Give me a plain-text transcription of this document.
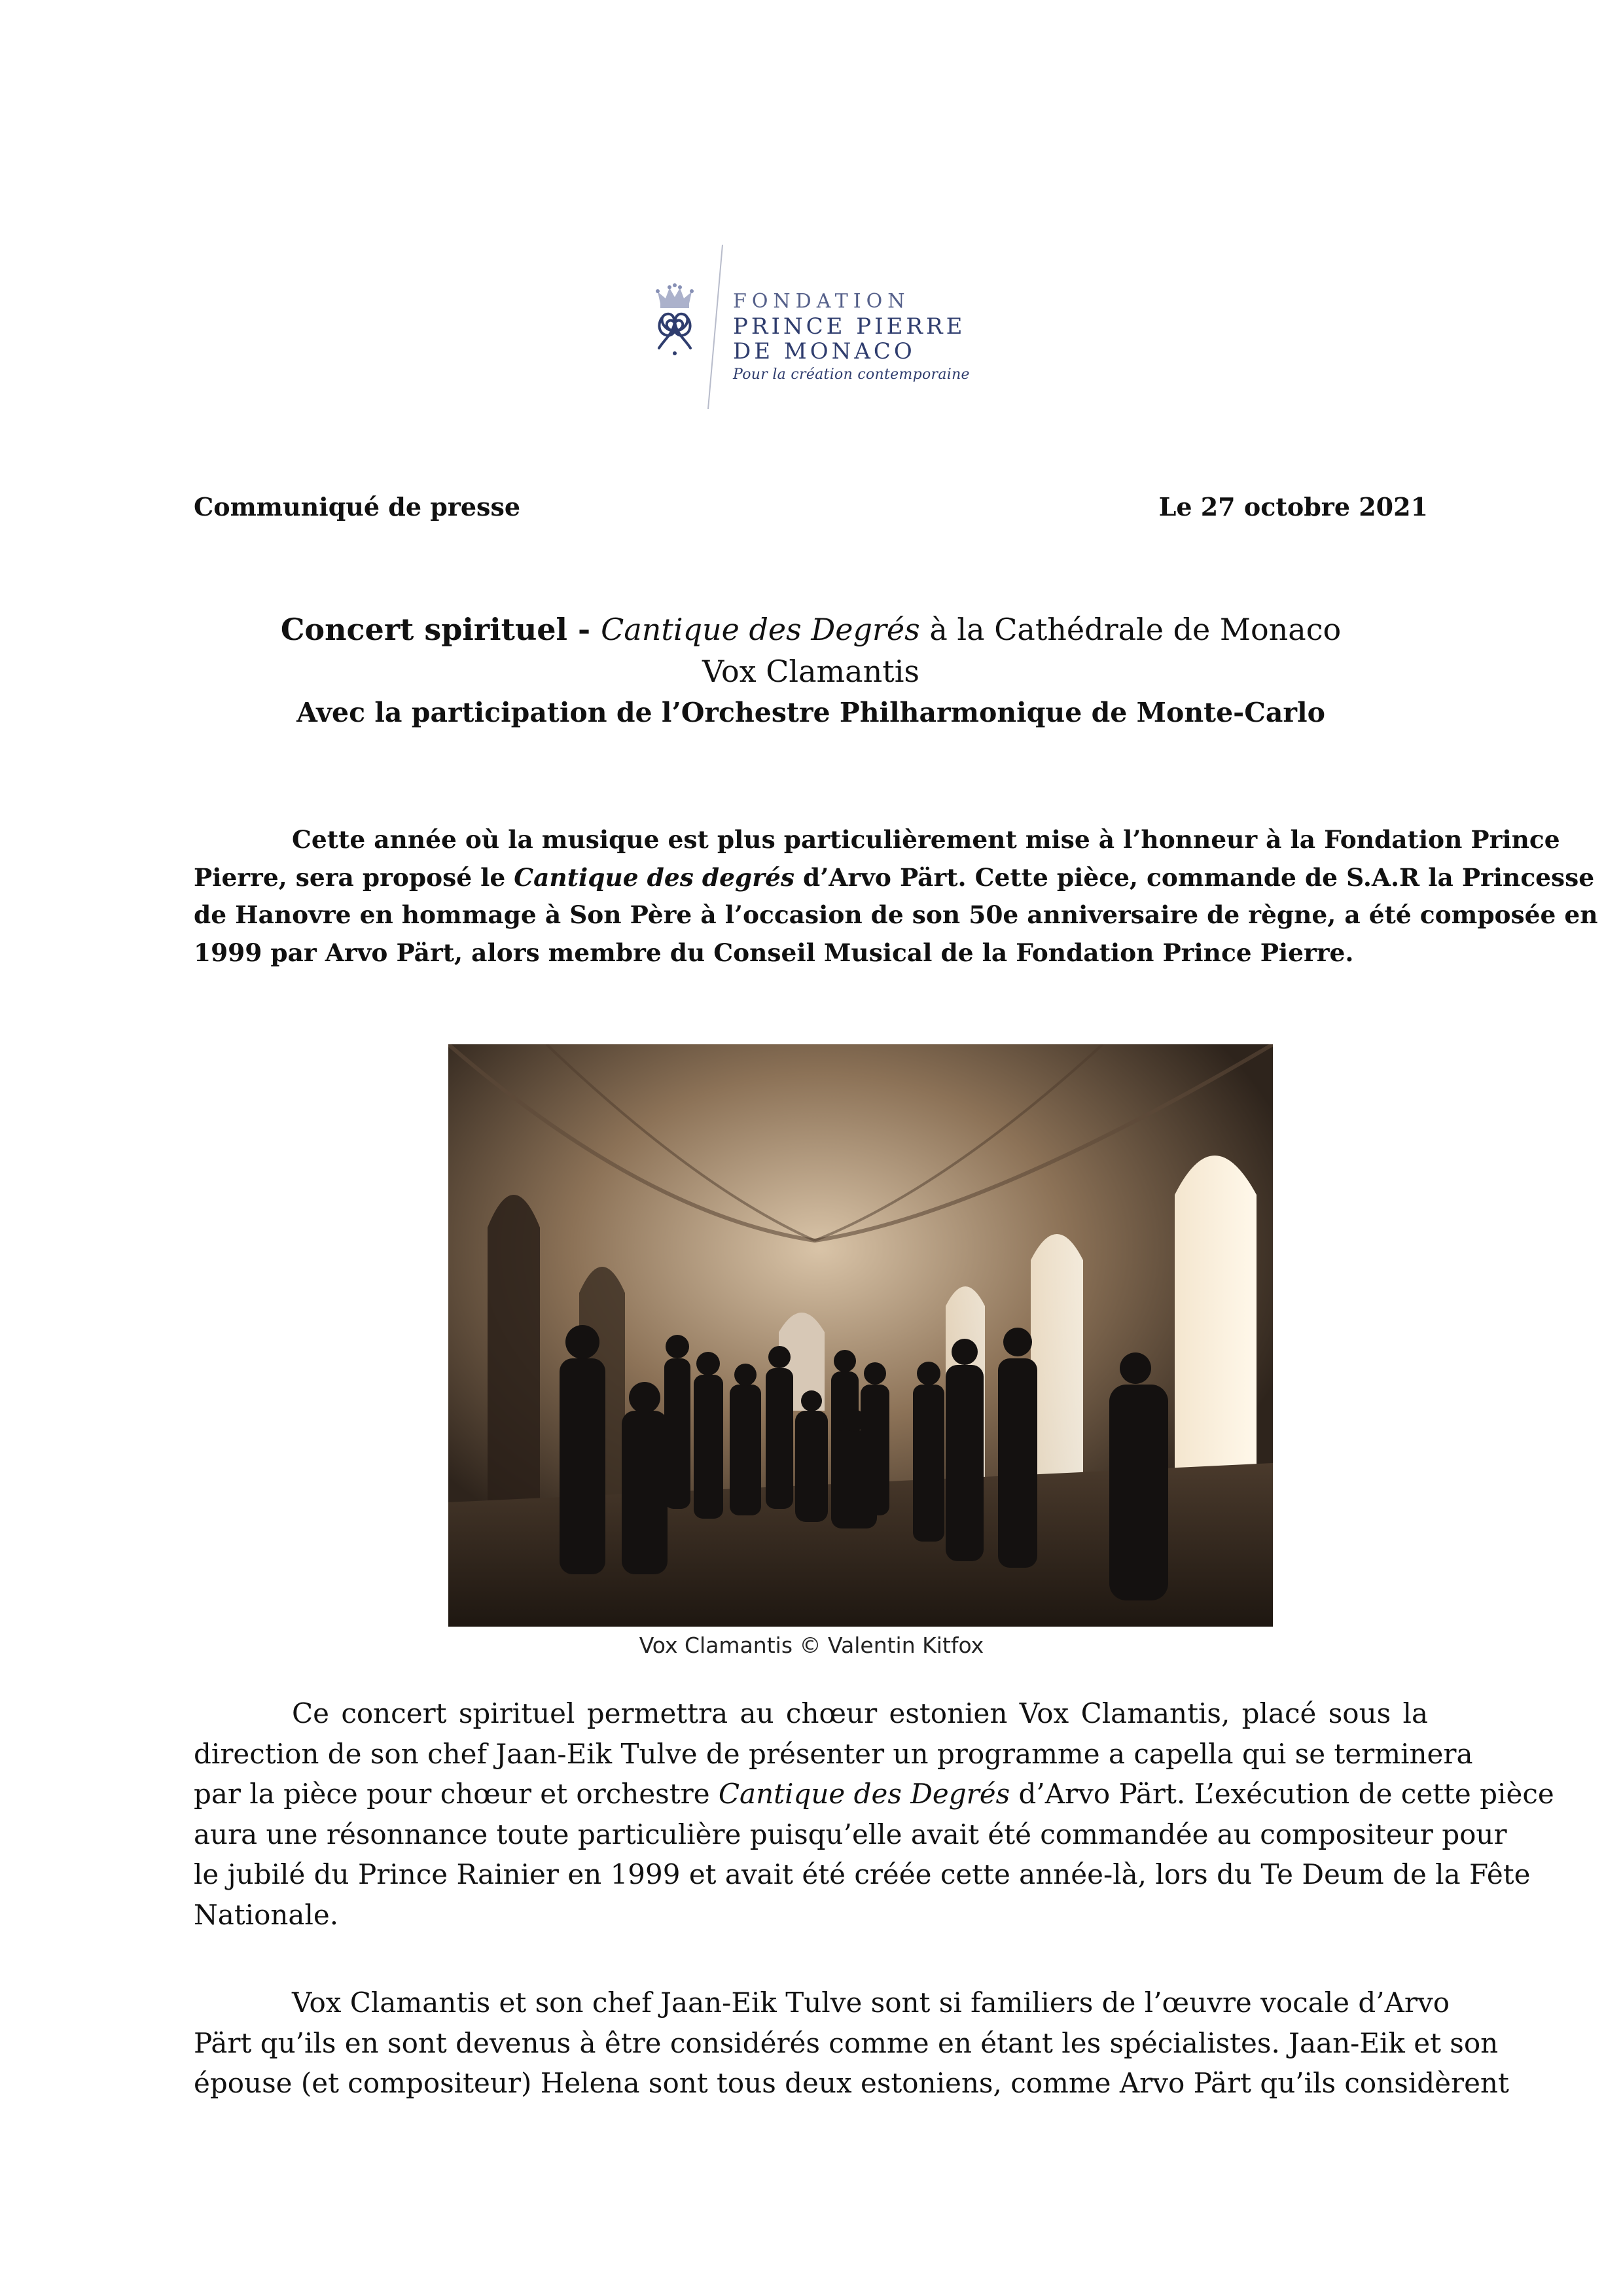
FONDATION
PRINCE PIERRE
DE MONACO
Pour la création contemporaine
Communiqué de presse	Le 27 octobre 2021
Concert spirituel - Cantique des Degrés à la Cathédrale de Monaco
Vox Clamantis
Avec la participation de l’Orchestre Philharmonique de Monte-Carlo
Cette année où la musique est plus particulièrement mise à l’honneur à la Fondation Prince
Pierre, sera proposé le Cantique des degrés d’Arvo Pärt. Cette pièce, commande de S.A.R la Princesse
de Hanovre en hommage à Son Père à l’occasion de son 50e anniversaire de règne, a été composée en
1999 par Arvo Pärt, alors membre du Conseil Musical de la Fondation Prince Pierre.
Vox Clamantis © Valentin Kitfox
Ce concert spirituel permettra au chœur estonien Vox Clamantis, placé sous la
direction de son chef Jaan-Eik Tulve de présenter un programme a capella qui se terminera
par la pièce pour chœur et orchestre Cantique des Degrés d’Arvo Pärt. L’exécution de cette pièce
aura une résonnance toute particulière puisqu’elle avait été commandée au compositeur pour
le jubilé du Prince Rainier en 1999 et avait été créée cette année-là, lors du Te Deum de la Fête
Nationale.
Vox Clamantis et son chef Jaan-Eik Tulve sont si familiers de l’œuvre vocale d’Arvo
Pärt qu’ils en sont devenus à être considérés comme en étant les spécialistes. Jaan-Eik et son
épouse (et compositeur) Helena sont tous deux estoniens, comme Arvo Pärt qu’ils considèrent
